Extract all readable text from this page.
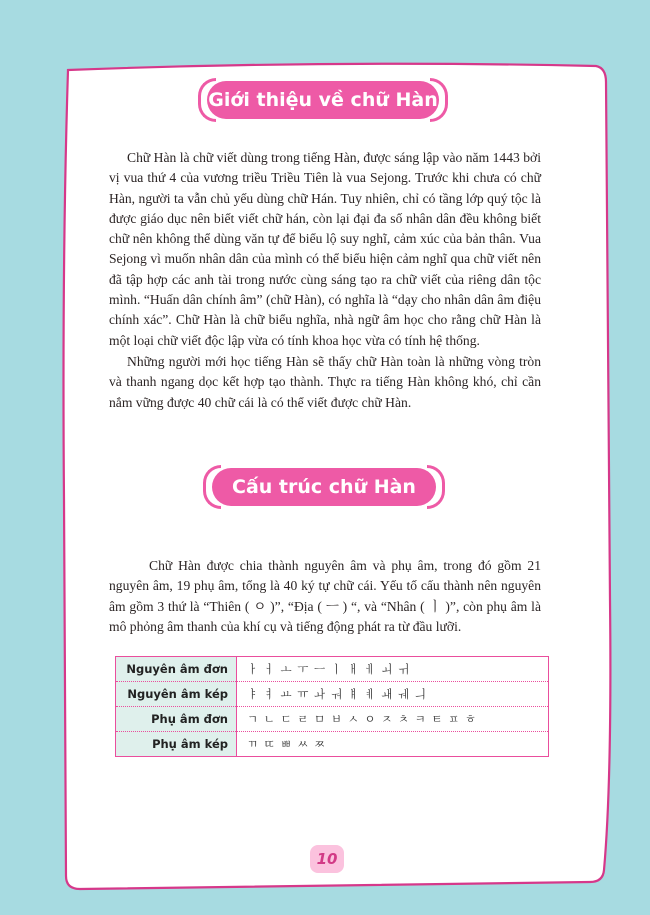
Giới thiệu về chữ Hàn

Chữ Hàn là chữ viết dùng trong tiếng Hàn, được sáng lập vào năm 1443 bởi vị vua thứ 4 của vương triều Triều Tiên là vua Sejong. Trước khi chưa có chữ Hàn, người ta vẫn chủ yếu dùng chữ Hán. Tuy nhiên, chỉ có tầng lớp quý tộc là được giáo dục nên biết viết chữ hán, còn lại đại đa số nhân dân đều không biết chữ nên không thể dùng văn tự để biểu lộ suy nghĩ, cảm xúc của bản thân. Vua Sejong vì muốn nhân dân của mình có thể biểu hiện cảm nghĩ qua chữ viết nên đã tập hợp các anh tài trong nước cùng sáng tạo ra chữ viết của riêng dân tộc mình. “Huấn dân chính âm” (chữ Hàn), có nghĩa là “dạy cho nhân dân âm điệu chính xác”. Chữ Hàn là chữ biểu nghĩa, nhà ngữ âm học cho rằng chữ Hàn là một loại chữ viết độc lập vừa có tính khoa học vừa có tính hệ thống.

Những người mới học tiếng Hàn sẽ thấy chữ Hàn toàn là những vòng tròn và thanh ngang dọc kết hợp tạo thành. Thực ra tiếng Hàn không khó, chỉ cần nắm vững được 40 chữ cái là có thể viết được chữ Hàn.

Cấu trúc chữ Hàn

Chữ Hàn được chia thành nguyên âm và phụ âm, trong đó gồm 21 nguyên âm, 19 phụ âm, tổng là 40 ký tự chữ cái. Yếu tố cấu thành nên nguyên âm gồm 3 thứ là “Thiên ( ㅇ )”, “Địa ( ㅡ ) “, và “Nhân ( ㅣ )”, còn phụ âm là mô phỏng âm thanh của khí cụ và tiếng động phát ra từ đầu lưỡi.

Nguyên âm đơn	ㅏ ㅓ ㅗ ㅜ ㅡ ㅣ ㅐ ㅔ ㅚ ㅟ
Nguyên âm kép	ㅑ ㅕ ㅛ ㅠ ㅘ ㅝ ㅒ ㅖ ㅙ ㅞ ㅢ
Phụ âm đơn	ㄱ ㄴ ㄷ ㄹ ㅁ ㅂ ㅅ ㅇ ㅈ ㅊ ㅋ ㅌ ㅍ ㅎ
Phụ âm kép	ㄲ ㄸ ㅃ ㅆ ㅉ
10
